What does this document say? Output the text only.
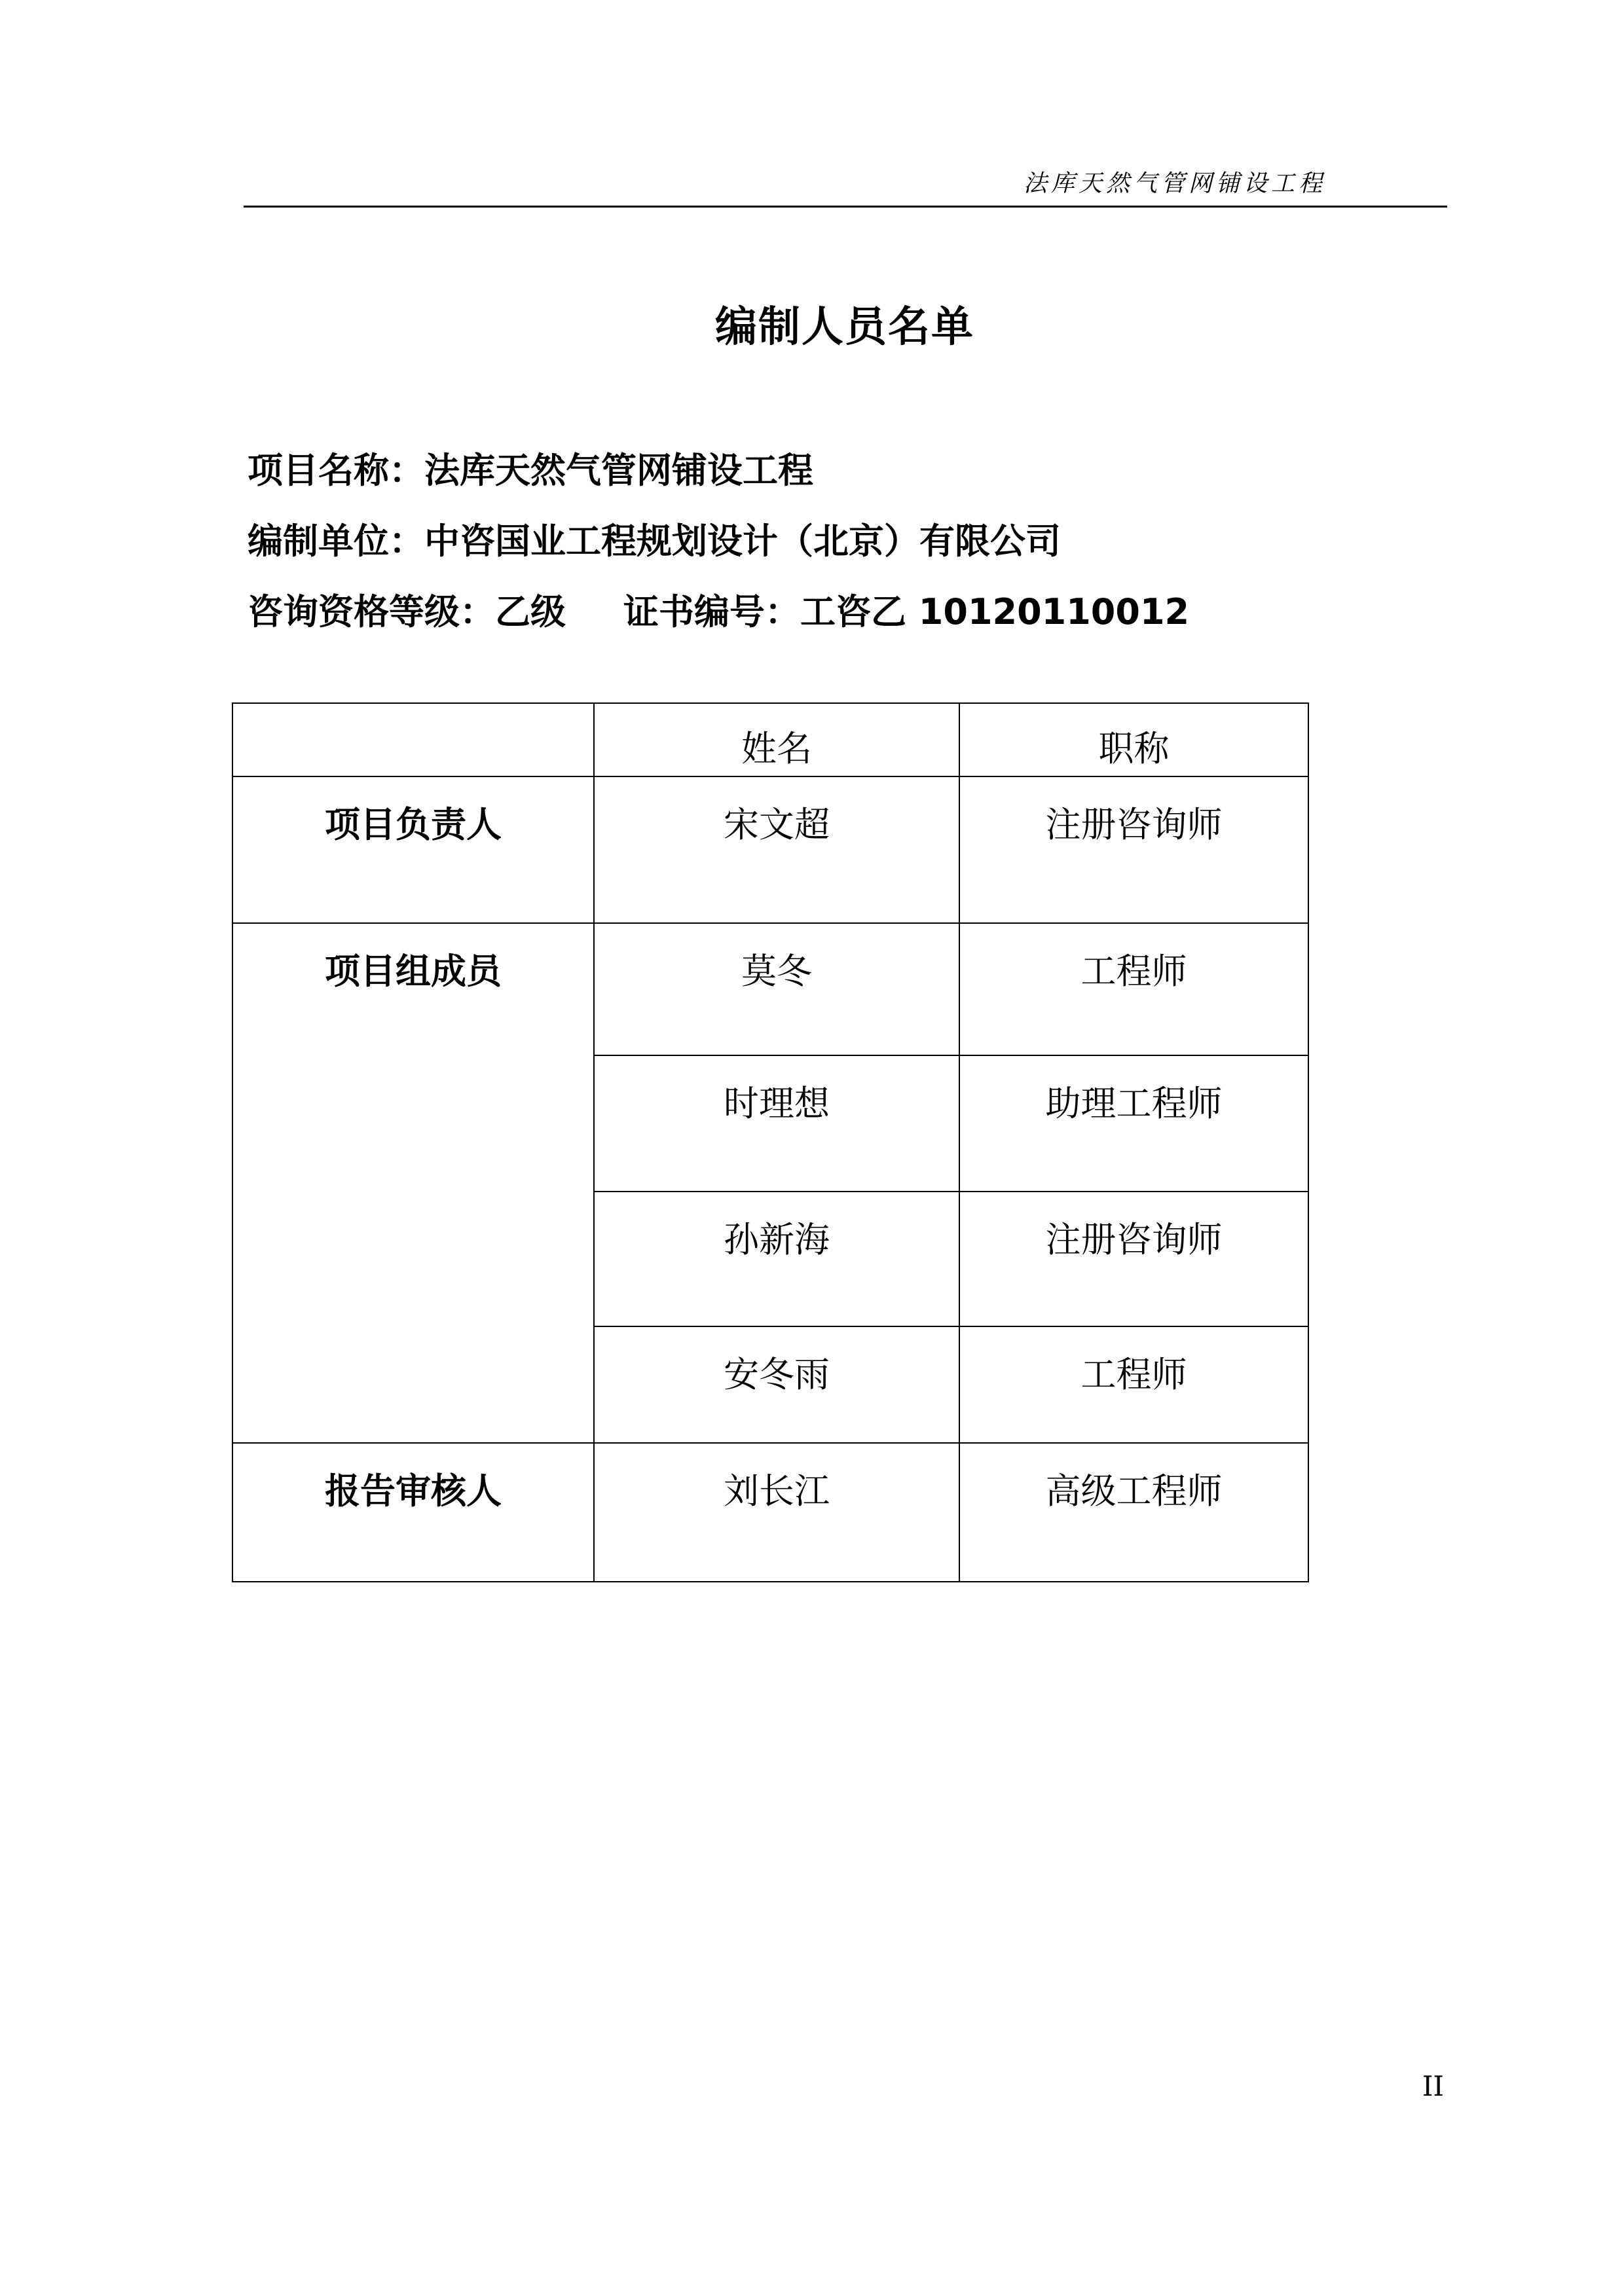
法库天然气管网铺设工程
编制人员名单
项目名称：法库天然气管网铺设工程
编制单位：中咨国业工程规划设计（北京）有限公司
咨询资格等级：乙级 证书编号：工咨乙 10120110012
	姓名	职称
项目负责人	宋文超	注册咨询师
项目组成员	莫冬	工程师
	时理想	助理工程师
	孙新海	注册咨询师
	安冬雨	工程师
报告审核人	刘长江	高级工程师
II
